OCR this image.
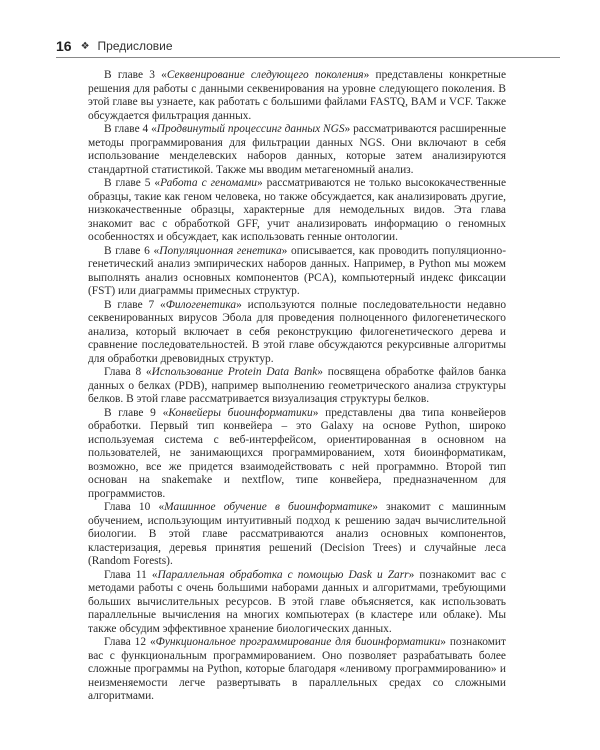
16 ❖ Предисловие

В главе 3 «Секвенирование следующего поколения» представлены конкретные решения для работы с данными секвенирования на уровне следующего поколения. В этой главе вы узнаете, как работать с большими файлами FASTQ, BAM и VCF. Также обсуждается фильтрация данных.

В главе 4 «Продвинутый процессинг данных NGS» рассматриваются расширенные методы программирования для фильтрации данных NGS. Они включают в себя использование менделевских наборов данных, которые затем анализируются стандартной статистикой. Также мы вводим метагеномный анализ.

В главе 5 «Работа с геномами» рассматриваются не только высококачественные образцы, такие как геном человека, но также обсуждается, как анализировать другие, низкокачественные образцы, характерные для немодельных видов. Эта глава знакомит вас с обработкой GFF, учит анализировать информацию о геномных особенностях и обсуждает, как использовать генные онтологии.

В главе 6 «Популяционная генетика» описывается, как проводить популяционно-генетический анализ эмпирических наборов данных. Например, в Python мы можем выполнять анализ основных компонентов (PCA), компьютерный индекс фиксации (FST) или диаграммы примесных структур.

В главе 7 «Филогенетика» используются полные последовательности недавно секвенированных вирусов Эбола для проведения полноценного филогенетического анализа, который включает в себя реконструкцию филогенетического дерева и сравнение последовательностей. В этой главе обсуждаются рекурсивные алгоритмы для обработки древовидных структур.

Глава 8 «Использование Protein Data Bank» посвящена обработке файлов банка данных о белках (PDB), например выполнению геометрического анализа структуры белков. В этой главе рассматривается визуализация структуры белков.

В главе 9 «Конвейеры биоинформатики» представлены два типа конвейеров обработки. Первый тип конвейера – это Galaxy на основе Python, широко используемая система с веб-интерфейсом, ориентированная в основном на пользователей, не занимающихся программированием, хотя биоинформатикам, возможно, все же придется взаимодействовать с ней программно. Второй тип основан на snakemake и nextflow, типе конвейера, предназначенном для программистов.

Глава 10 «Машинное обучение в биоинформатике» знакомит с машинным обучением, использующим интуитивный подход к решению задач вычислительной биологии. В этой главе рассматриваются анализ основных компонентов, кластеризация, деревья принятия решений (Decision Trees) и случайные леса (Random Forests).

Глава 11 «Параллельная обработка с помощью Dask и Zarr» познакомит вас с методами работы с очень большими наборами данных и алгоритмами, требующими больших вычислительных ресурсов. В этой главе объясняется, как использовать параллельные вычисления на многих компьютерах (в кластере или облаке). Мы также обсудим эффективное хранение биологических данных.

Глава 12 «Функциональное программирование для биоинформатики» познакомит вас с функциональным программированием. Оно позволяет разрабатывать более сложные программы на Python, которые благодаря «ленивому программированию» и неизменяемости легче развертывать в параллельных средах со сложными алгоритмами.
